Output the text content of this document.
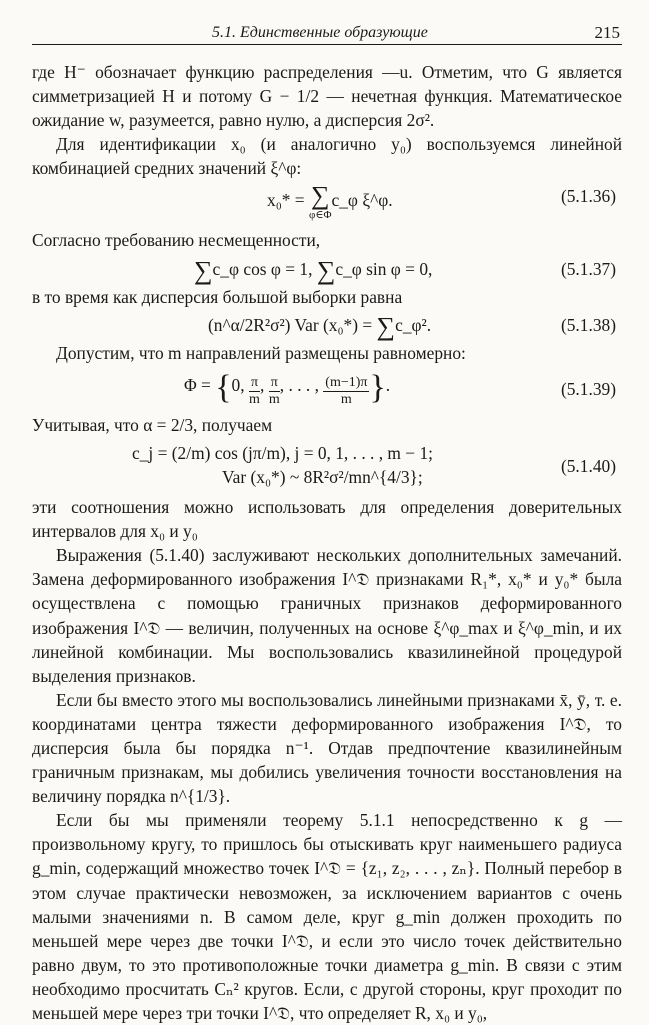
5.1. Единственные образующие	215

где H⁻ обозначает функцию распределения —u. Отметим, что G является симметризацией H и потому G − 1/2 — нечетная функция. Математическое ожидание w, разумеется, равно нулю, а дисперсия 2σ².

Для идентификации x₀ (и аналогично y₀) воспользуемся линейной комбинацией средних значений ξ^φ:

x₀* = ∑
φ∈Φ
c_φ ξ^φ.	(5.1.36)

Согласно требованию несмещенности,

∑c_φ cos φ = 1, ∑c_φ sin φ = 0,	(5.1.37)

в то время как дисперсия большой выборки равна

(n^α/2R²σ²) Var (x₀*) = ∑c_φ².	(5.1.38)

Допустим, что m направлений размещены равномерно:

Φ = {0, $\frac{\pi}{m}$ , $\frac{\pi}{m}$ , . . . , $\frac{(m-1)\pi}{m}$ }.	(5.1.39)

Учитывая, что α = 2/3, получаем

c_j = (2/m) cos (jπ/m), j = 0, 1, . . . , m − 1;
Var (x₀*) ~ 8R²σ²/mn^{4/3};
(5.1.40)

эти соотношения можно использовать для определения доверительных интервалов для x₀ и y₀

Выражения (5.1.40) заслуживают нескольких дополнительных замечаний. Замена деформированного изображения I^𝔇 признаками R₁*, x₀* и y₀* была осуществлена с помощью граничных признаков деформированного изображения I^𝔇 — величин, полученных на основе ξ^φ_max и ξ^φ_min, и их линейной комбинации. Мы воспользовались квазилинейной процедурой выделения признаков.

Если бы вместо этого мы воспользовались линейными признаками x̄, ȳ, т. е. координатами центра тяжести деформированного изображения I^𝔇, то дисперсия была бы порядка n⁻¹. Отдав предпочтение квазилинейным граничным признакам, мы добились увеличения точности восстановления на величину порядка n^{1/3}.

Если бы мы применяли теорему 5.1.1 непосредственно к g — произвольному кругу, то пришлось бы отыскивать круг наименьшего радиуса g_min, содержащий множество точек I^𝔇 = {z₁, z₂, . . . , zₙ}. Полный перебор в этом случае практически невозможен, за исключением вариантов с очень малыми значениями n. В самом деле, круг g_min должен проходить по меньшей мере через две точки I^𝔇, и если это число точек действительно равно двум, то это противоположные точки диаметра g_min. В связи с этим необходимо просчитать Cₙ² кругов. Если, с другой стороны, круг проходит по меньшей мере через три точки I^𝔇, что определяет R, x₀ и y₀,
